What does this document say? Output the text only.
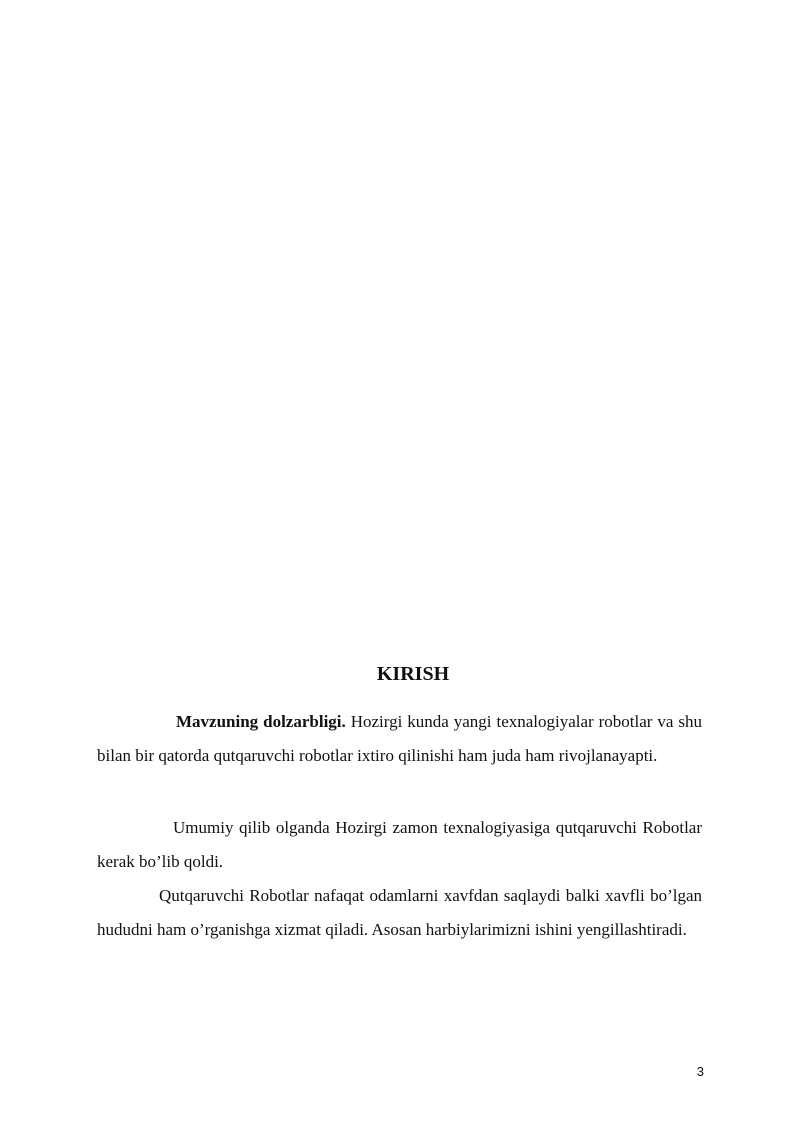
KIRISH

Mavzuning dolzarbligi. Hozirgi kunda yangi texnalogiyalar robotlar va shu bilan bir qatorda qutqaruvchi robotlar ixtiro qilinishi ham juda ham rivojlanayapti.

Umumiy qilib olganda Hozirgi zamon texnalogiyasiga qutqaruvchi Robotlar kerak bo’lib qoldi.

Qutqaruvchi Robotlar nafaqat odamlarni xavfdan saqlaydi balki xavfli bo’lgan hududni ham o’rganishga xizmat qiladi. Asosan harbiylarimizni ishini yengillashtiradi.

3
